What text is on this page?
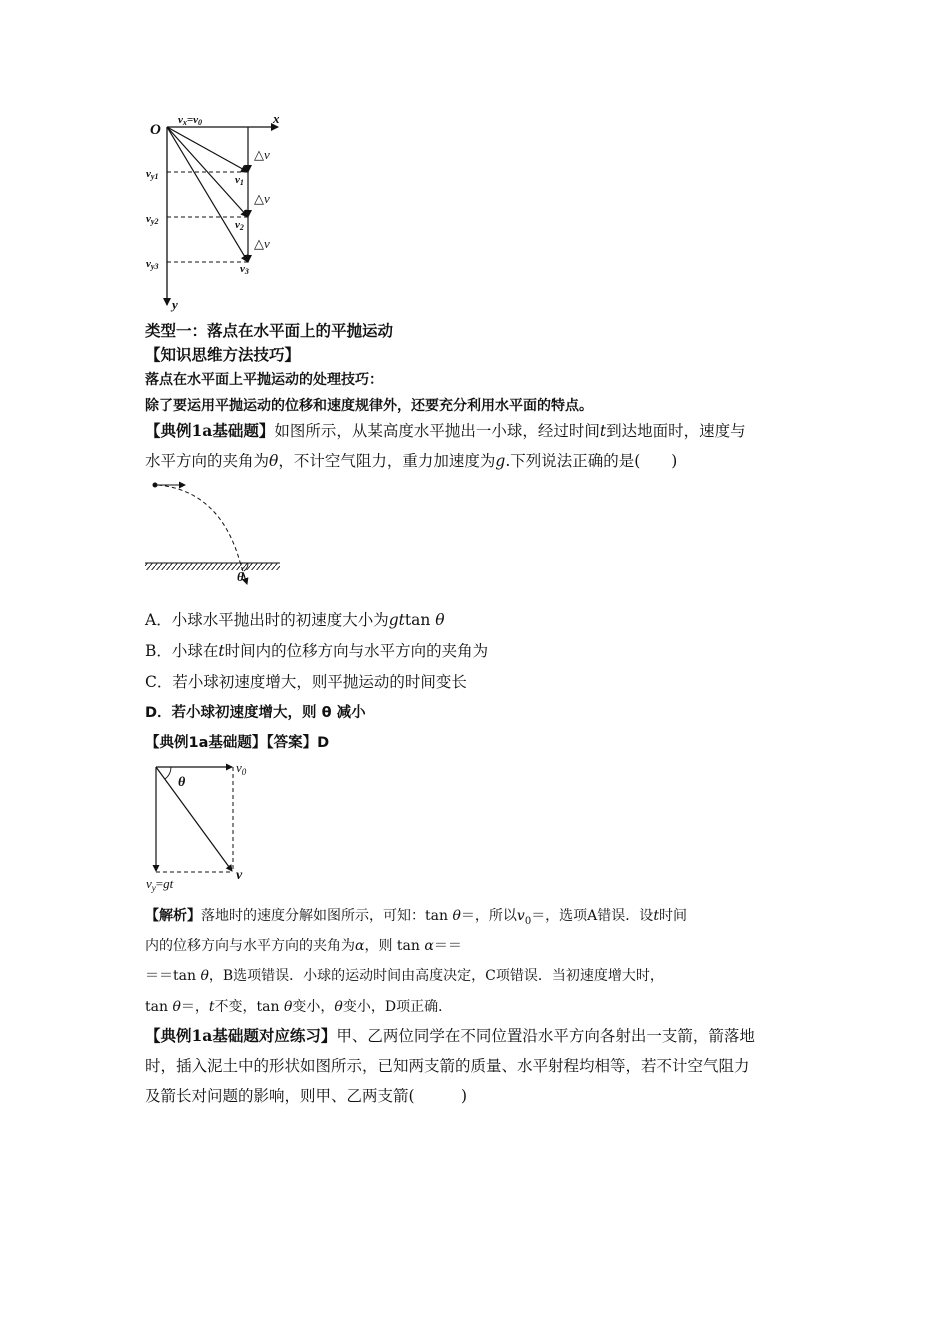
O
vx=v0	x
y
△v
△v
△v
vy1
vy2
vy3
v1
v2
v3
类型一：落点在水平面上的平抛运动
【知识思维方法技巧】
落点在水平面上平抛运动的处理技巧：
除了要运用平抛运动的位移和速度规律外，还要充分利用水平面的特点。
【典例1a基础题】如图所示，从某高度水平抛出一小球，经过时间t到达地面时，速度与
水平方向的夹角为θ，不计空气阻力，重力加速度为g.下列说法正确的是(　　)
θ
A．小球水平抛出时的初速度大小为gttan θ
B．小球在t时间内的位移方向与水平方向的夹角为
C．若小球初速度增大，则平抛运动的时间变长
D．若小球初速度增大，则 θ 减小
【典例1a基础题】【答案】D
θ
$v_0$
v
$v_y=gt$
【解析】落地时的速度分解如图所示，可知：tan θ＝，所以$v_0=$，选项A错误．设t时间
内的位移方向与水平方向的夹角为α，则 tan α＝＝
＝＝tan θ，B选项错误．小球的运动时间由高度决定，C项错误．当初速度增大时，
tan θ＝，t不变，tan θ变小，θ变小，D项正确．
【典例1a基础题对应练习】甲、乙两位同学在不同位置沿水平方向各射出一支箭，箭落地
时，插入泥土中的形状如图所示，已知两支箭的质量、水平射程均相等，若不计空气阻力
及箭长对问题的影响，则甲、乙两支箭(　　　)
